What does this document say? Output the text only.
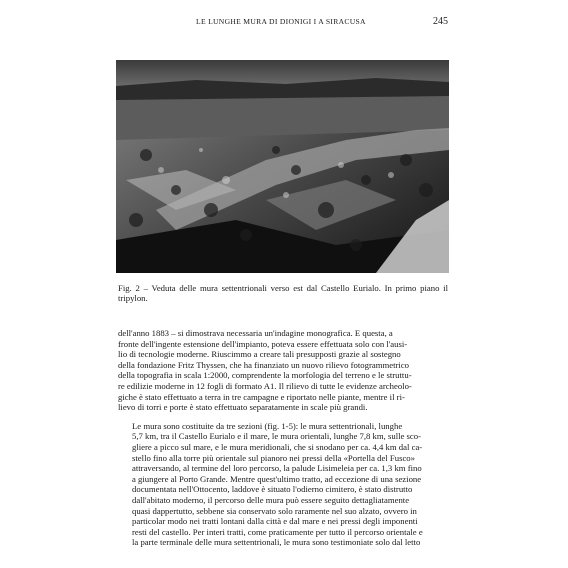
LE LUNGHE MURA DI DIONIGI I A SIRACUSA	245
Fig. 2 – Veduta delle mura settentrionali verso est dal Castello Eurialo. In primo piano il tripylon.

dell'anno 1883 – si dimostrava necessaria un'indagine monografica. E questa, a
fronte dell'ingente estensione dell'impianto, poteva essere effettuata solo con l'ausi-
lio di tecnologie moderne. Riuscimmo a creare tali presupposti grazie al sostegno
della fondazione Fritz Thyssen, che ha finanziato un nuovo rilievo fotogrammetrico
della topografia in scala 1:2000, comprendente la morfologia del terreno e le struttu-
re edilizie moderne in 12 fogli di formato A1. Il rilievo di tutte le evidenze archeolo-
giche è stato effettuato a terra in tre campagne e riportato nelle piante, mentre il ri-
lievo di torri e porte è stato effettuato separatamente in scale più grandi.

Le mura sono costituite da tre sezioni (fig. 1-5): le mura settentrionali, lunghe
5,7 km, tra il Castello Eurialo e il mare, le mura orientali, lunghe 7,8 km, sulle sco-
gliere a picco sul mare, e le mura meridionali, che si snodano per ca. 4,4 km dal ca-
stello fino alla torre più orientale sul pianoro nei pressi della «Portella del Fusco»
attraversando, al termine del loro percorso, la palude Lisimeleia per ca. 1,3 km fino
a giungere al Porto Grande. Mentre quest'ultimo tratto, ad eccezione di una sezione
documentata nell'Ottocento, laddove è situato l'odierno cimitero, è stato distrutto
dall'abitato moderno, il percorso delle mura può essere seguito dettagliatamente
quasi dappertutto, sebbene sia conservato solo raramente nel suo alzato, ovvero in
particolar modo nei tratti lontani dalla città e dal mare e nei pressi degli imponenti
resti del castello. Per interi tratti, come praticamente per tutto il percorso orientale e
la parte terminale delle mura settentrionali, le mura sono testimoniate solo dal letto
